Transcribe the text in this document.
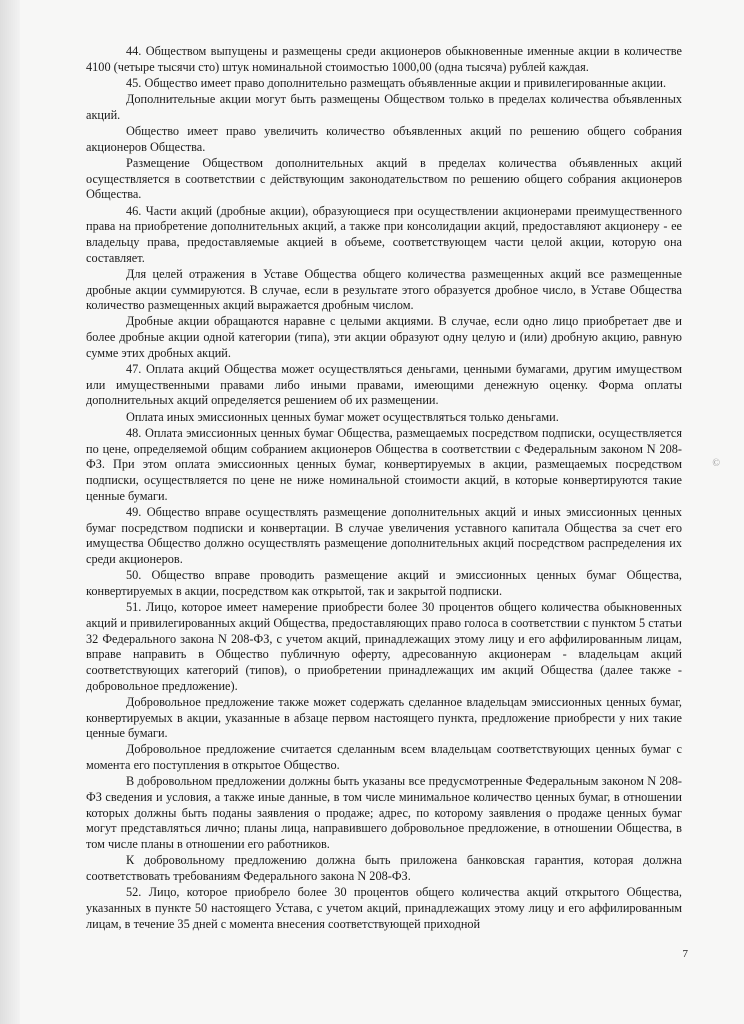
44. Обществом выпущены и размещены среди акционеров обыкновенные именные акции в количестве 4100 (четыре тысячи сто) штук номинальной стоимостью 1000,00 (одна тысяча) рублей каждая.

45. Общество имеет право дополнительно размещать объявленные акции и привилегированные акции.

Дополнительные акции могут быть размещены Обществом только в пределах количества объявленных акций.

Общество имеет право увеличить количество объявленных акций по решению общего собрания акционеров Общества.

Размещение Обществом дополнительных акций в пределах количества объявленных акций осуществляется в соответствии с действующим законодательством по решению общего собрания акционеров Общества.

46. Части акций (дробные акции), образующиеся при осуществлении акционерами преимущественного права на приобретение дополнительных акций, а также при консолидации акций, предоставляют акционеру - ее владельцу права, предоставляемые акцией в объеме, соответствующем части целой акции, которую она составляет.

Для целей отражения в Уставе Общества общего количества размещенных акций все размещенные дробные акции суммируются. В случае, если в результате этого образуется дробное число, в Уставе Общества количество размещенных акций выражается дробным числом.

Дробные акции обращаются наравне с целыми акциями. В случае, если одно лицо приобретает две и более дробные акции одной категории (типа), эти акции образуют одну целую и (или) дробную акцию, равную сумме этих дробных акций.

47. Оплата акций Общества может осуществляться деньгами, ценными бумагами, другим имуществом или имущественными правами либо иными правами, имеющими денежную оценку. Форма оплаты дополнительных акций определяется решением об их размещении.

Оплата иных эмиссионных ценных бумаг может осуществляться только деньгами.

48. Оплата эмиссионных ценных бумаг Общества, размещаемых посредством подписки, осуществляется по цене, определяемой общим собранием акционеров Общества в соответствии с Федеральным законом N 208-ФЗ. При этом оплата эмиссионных ценных бумаг, конвертируемых в акции, размещаемых посредством подписки, осуществляется по цене не ниже номинальной стоимости акций, в которые конвертируются такие ценные бумаги.

49. Общество вправе осуществлять размещение дополнительных акций и иных эмиссионных ценных бумаг посредством подписки и конвертации. В случае увеличения уставного капитала Общества за счет его имущества Общество должно осуществлять размещение дополнительных акций посредством распределения их среди акционеров.

50. Общество вправе проводить размещение акций и эмиссионных ценных бумаг Общества, конвертируемых в акции, посредством как открытой, так и закрытой подписки.

51. Лицо, которое имеет намерение приобрести более 30 процентов общего количества обыкновенных акций и привилегированных акций Общества, предоставляющих право голоса в соответствии с пунктом 5 статьи 32 Федерального закона N 208-ФЗ, с учетом акций, принадлежащих этому лицу и его аффилированным лицам, вправе направить в Общество публичную оферту, адресованную акционерам - владельцам акций соответствующих категорий (типов), о приобретении принадлежащих им акций Общества (далее также - добровольное предложение).

Добровольное предложение также может содержать сделанное владельцам эмиссионных ценных бумаг, конвертируемых в акции, указанные в абзаце первом настоящего пункта, предложение приобрести у них такие ценные бумаги.

Добровольное предложение считается сделанным всем владельцам соответствующих ценных бумаг с момента его поступления в открытое Общество.

В добровольном предложении должны быть указаны все предусмотренные Федеральным законом N 208-ФЗ сведения и условия, а также иные данные, в том числе минимальное количество ценных бумаг, в отношении которых должны быть поданы заявления о продаже; адрес, по которому заявления о продаже ценных бумаг могут представляться лично; планы лица, направившего добровольное предложение, в отношении Общества, в том числе планы в отношении его работников.

К добровольному предложению должна быть приложена банковская гарантия, которая должна соответствовать требованиям Федерального закона N 208-ФЗ.

52. Лицо, которое приобрело более 30 процентов общего количества акций открытого Общества, указанных в пункте 50 настоящего Устава, с учетом акций, принадлежащих этому лицу и его аффилированным лицам, в течение 35 дней с момента внесения соответствующей приходной

©
7
